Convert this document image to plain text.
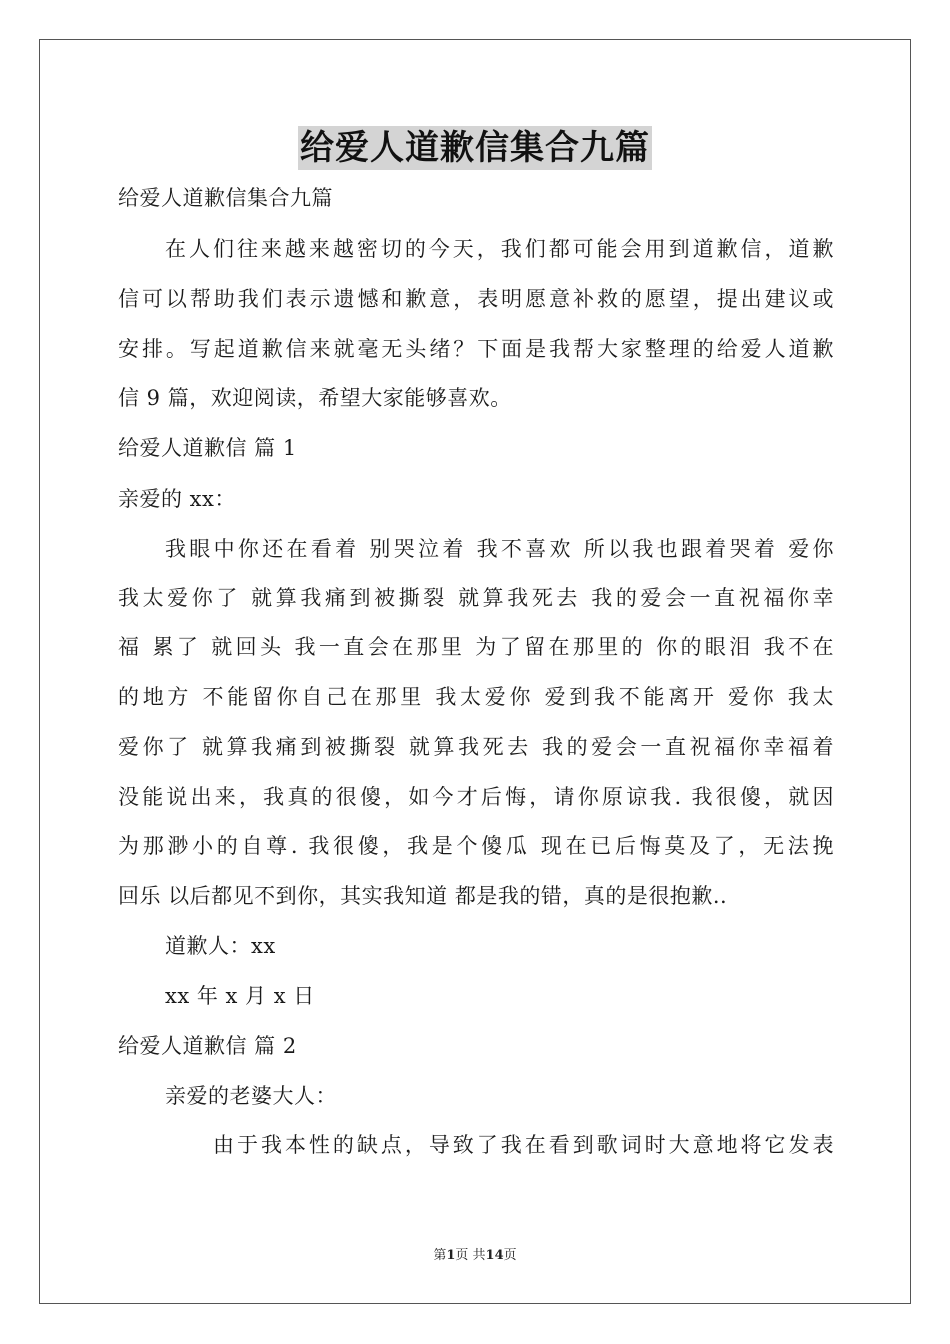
给爱人道歉信集合九篇
给爱人道歉信集合九篇
在人们往来越来越密切的今天，我们都可能会用到道歉信，道歉
信可以帮助我们表示遗憾和歉意，表明愿意补救的愿望，提出建议或
安排。写起道歉信来就毫无头绪？下面是我帮大家整理的给爱人道歉
信 9 篇，欢迎阅读，希望大家能够喜欢。
给爱人道歉信 篇 1
亲爱的 xx：
我眼中你还在看着 别哭泣着 我不喜欢 所以我也跟着哭着 爱你
我太爱你了 就算我痛到被撕裂 就算我死去 我的爱会一直祝福你幸
福 累了 就回头 我一直会在那里 为了留在那里的 你的眼泪 我不在
的地方 不能留你自己在那里 我太爱你 爱到我不能离开 爱你 我太
爱你了 就算我痛到被撕裂 就算我死去 我的爱会一直祝福你幸福着
没能说出来，我真的很傻，如今才后悔，请你原谅我. 我很傻，就因
为那渺小的自尊. 我很傻，我是个傻瓜 现在已后悔莫及了，无法挽
回乐 以后都见不到你，其实我知道 都是我的错，真的是很抱歉..
道歉人：xx
xx 年 x 月 x 日
给爱人道歉信 篇 2
亲爱的老婆大人：
由于我本性的缺点，导致了我在看到歌词时大意地将它发表
第1页 共14页
